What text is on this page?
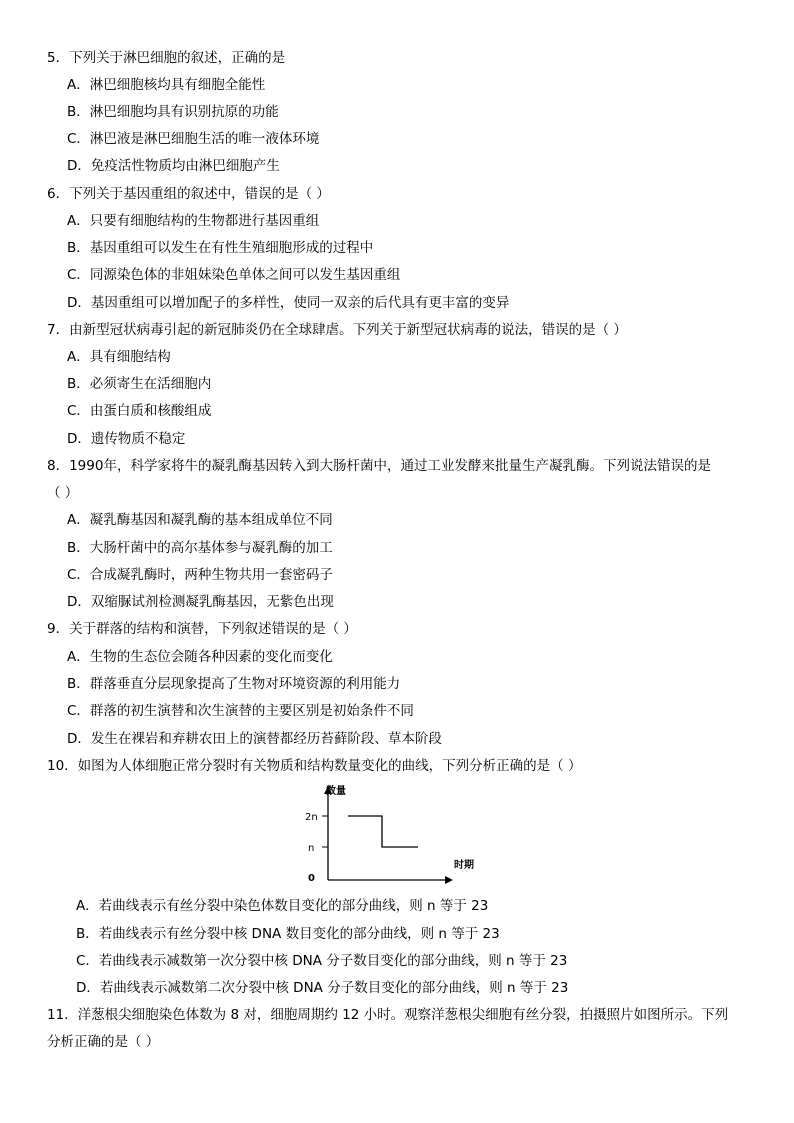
5．下列关于淋巴细胞的叙述，正确的是
A．淋巴细胞核均具有细胞全能性
B．淋巴细胞均具有识别抗原的功能
C．淋巴液是淋巴细胞生活的唯一液体环境
D．免疫活性物质均由淋巴细胞产生
6．下列关于基因重组的叙述中，错误的是（ ）
A．只要有细胞结构的生物都进行基因重组
B．基因重组可以发生在有性生殖细胞形成的过程中
C．同源染色体的非姐妹染色单体之间可以发生基因重组
D．基因重组可以增加配子的多样性，使同一双亲的后代具有更丰富的变异
7．由新型冠状病毒引起的新冠肺炎仍在全球肆虐。下列关于新型冠状病毒的说法，错误的是（ ）
A．具有细胞结构
B．必须寄生在活细胞内
C．由蛋白质和核酸组成
D．遗传物质不稳定
8．1990年，科学家将牛的凝乳酶基因转入到大肠杆菌中，通过工业发酵来批量生产凝乳酶。下列说法错误的是
（ ）
A．凝乳酶基因和凝乳酶的基本组成单位不同
B．大肠杆菌中的高尔基体参与凝乳酶的加工
C．合成凝乳酶时，两种生物共用一套密码子
D．双缩脲试剂检测凝乳酶基因，无紫色出现
9．关于群落的结构和演替，下列叙述错误的是（ ）
A．生物的生态位会随各种因素的变化而变化
B．群落垂直分层现象提高了生物对环境资源的利用能力
C．群落的初生演替和次生演替的主要区别是初始条件不同
D．发生在裸岩和弃耕农田上的演替都经历苔藓阶段、草本阶段
10．如图为人体细胞正常分裂时有关物质和结构数量变化的曲线，下列分析正确的是（ ）
数量
时期
2n
n
0
A．若曲线表示有丝分裂中染色体数目变化的部分曲线，则 n 等于 23
B．若曲线表示有丝分裂中核 DNA 数目变化的部分曲线，则 n 等于 23
C．若曲线表示减数第一次分裂中核 DNA 分子数目变化的部分曲线，则 n 等于 23
D．若曲线表示减数第二次分裂中核 DNA 分子数目变化的部分曲线，则 n 等于 23
11．洋葱根尖细胞染色体数为 8 对，细胞周期约 12 小时。观察洋葱根尖细胞有丝分裂，拍摄照片如图所示。下列
分析正确的是（ ）
